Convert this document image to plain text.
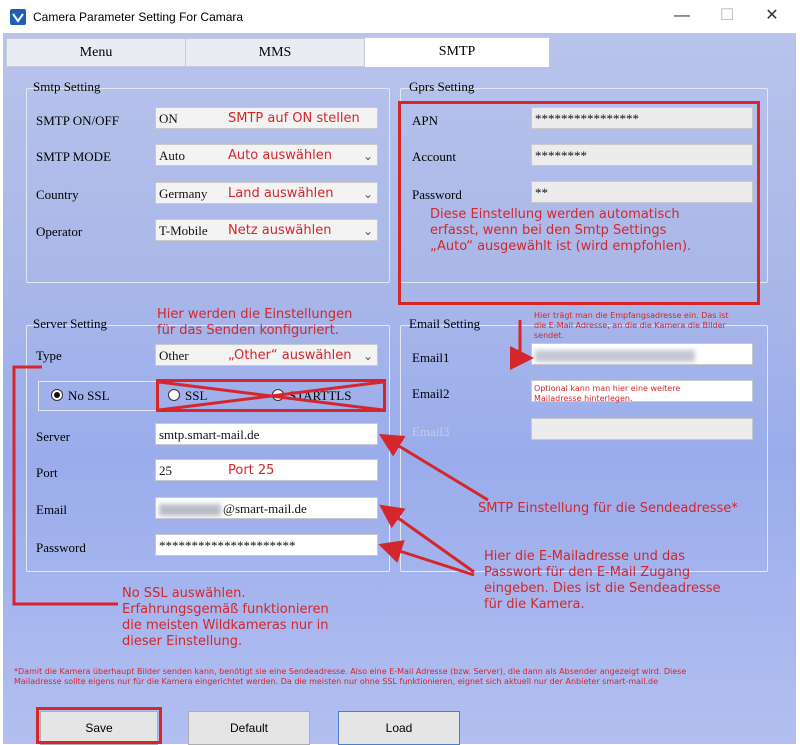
Camera Parameter Setting For Camara	—	☐	✕
Menu	MMS	SMTP
Smtp Setting
SMTP ON/OFF	ON
SMTP MODE	Auto	⌄
Country	Germany	⌄
Operator	T-Mobile	⌄
SMTP auf ON stellen
Auto auswählen
Land auswählen
Netz auswählen
Gprs Setting
APN	****************
Account	********
Password	**
Diese Einstellung werden automatisch
erfasst, wenn bei den Smtp Settings
„Auto“ ausgewählt ist (wird empfohlen).
Server Setting
Hier werden die Einstellungen
für das Senden konfiguriert.
Type	Other	⌄
„Other“ auswählen
No SSL	SSL	STARTTLS
Server	smtp.smart-mail.de
Port	25	Port 25
Email	@smart-mail.de
Password	*********************
Email Setting
Hier trägt man die Empfangsadresse ein. Das ist
die E-Mail Adresse, an die die Kamera die Bilder
sendet.
Email1
Email2	Optional kann man hier eine weitere
Mailadresse hinterlegen.
Email3
SMTP Einstellung für die Sendeadresse*
Hier die E-Mailadresse und das
Passwort für den E-Mail Zugang
eingeben. Dies ist die Sendeadresse
für die Kamera.
No SSL auswählen.
Erfahrungsgemäß funktionieren
die meisten Wildkameras nur in
dieser Einstellung.
*Damit die Kamera überhaupt Bilder senden kann, benötigt sie eine Sendeadresse. Also eine E-Mail Adresse (bzw. Server), die dann als Absender angezeigt wird. Diese
Mailadresse sollte eigens nur für die Kamera eingerichtet werden. Da die meisten nur ohne SSL funktionieren, eignet sich aktuell nur der Anbieter smart-mail.de
Save	Default	Load
